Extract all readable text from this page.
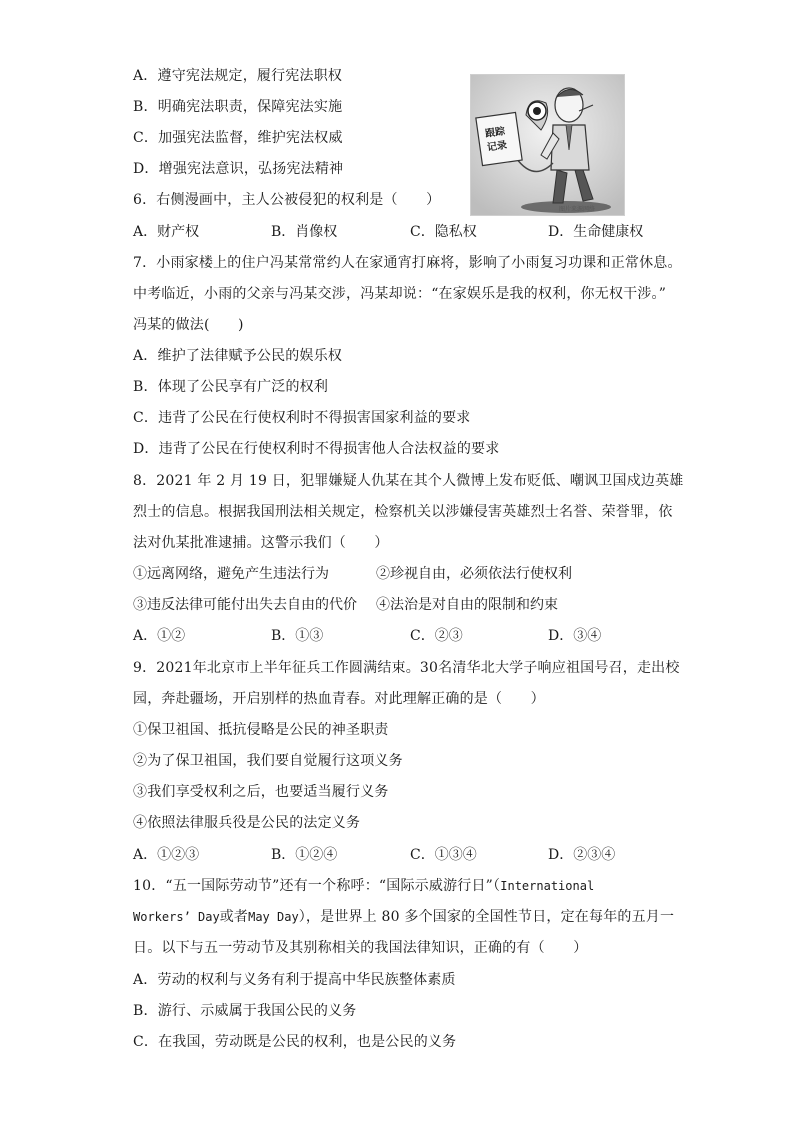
A．遵守宪法规定，履行宪法职权
B．明确宪法职责，保障宪法实施
C．加强宪法监督，维护宪法权威
D．增强宪法意识，弘扬宪法精神
跟踪 记录
图片来源网络
6．右侧漫画中，主人公被侵犯的权利是（　　）
A．财产权	B．肖像权	C．隐私权	D．生命健康权
7．小雨家楼上的住户冯某常常约人在家通宵打麻将，影响了小雨复习功课和正常休息。
中考临近，小雨的父亲与冯某交涉，冯某却说：“在家娱乐是我的权利，你无权干涉。”
冯某的做法(　　)
A．维护了法律赋予公民的娱乐权
B．体现了公民享有广泛的权利
C．违背了公民在行使权利时不得损害国家利益的要求
D．违背了公民在行使权利时不得损害他人合法权益的要求
8．2021 年 2 月 19 日，犯罪嫌疑人仇某在其个人微博上发布贬低、嘲讽卫国戍边英雄
烈士的信息。根据我国刑法相关规定，检察机关以涉嫌侵害英雄烈士名誉、荣誉罪，依
法对仇某批准逮捕。这警示我们（　　）
①远离网络，避免产生违法行为	②珍视自由，必须依法行使权利
③违反法律可能付出失去自由的代价 ④法治是对自由的限制和约束
A．①②	B．①③	C．②③	D．③④
9．2021年北京市上半年征兵工作圆满结束。30名清华北大学子响应祖国号召，走出校
园，奔赴疆场，开启别样的热血青春。对此理解正确的是（　　）
①保卫祖国、抵抗侵略是公民的神圣职责
②为了保卫祖国，我们要自觉履行这项义务
③我们享受权利之后，也要适当履行义务
④依照法律服兵役是公民的法定义务
A．①②③	B．①②④	C．①③④	D．②③④
10．“五一国际劳动节”还有一个称呼：“国际示威游行日”（International
Workers’ Day或者May Day），是世界上 80 多个国家的全国性节日，定在每年的五月一
日。以下与五一劳动节及其别称相关的我国法律知识，正确的有（　　）
A．劳动的权利与义务有利于提高中华民族整体素质
B．游行、示威属于我国公民的义务
C．在我国，劳动既是公民的权利，也是公民的义务
